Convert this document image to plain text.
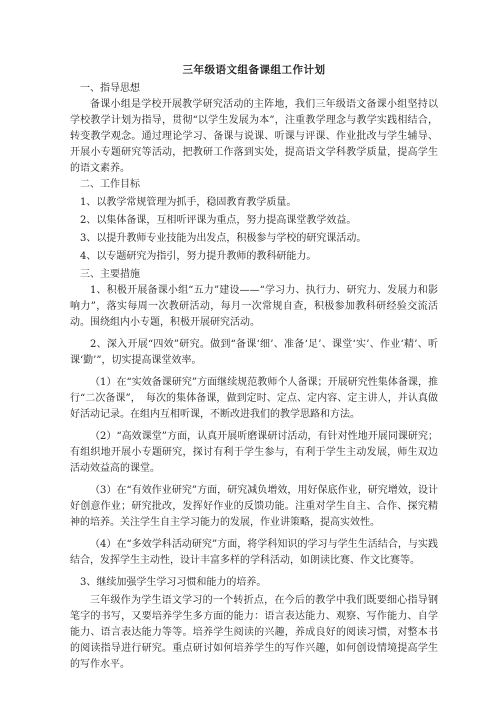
三年级语文组备课组工作计划
一、指导思想

备课小组是学校开展教学研究活动的主阵地，我们三年级语文备课小组坚持以学校教学计划为指导，贯彻“以学生发展为本”，注重教学理念与教学实践相结合，转变教学观念。通过理论学习、备课与说课、听课与评课、作业批改与学生辅导、开展小专题研究等活动，把教研工作落到实处，提高语文学科教学质量，提高学生的语文素养。

二、工作目标
1、以教学常规管理为抓手，稳固教育教学质量。
2、以集体备课，互相听评课为重点，努力提高课堂教学效益。
3、以提升教师专业技能为出发点，积极参与学校的研究课活动。
4、以专题研究为指引，努力提升教师的教科研能力。
三、主要措施

1、积极开展备课小组“五力”建设——“学习力、执行力、研究力、发展力和影响力”，落实每周一次教研活动，每月一次常规自查，积极参加教科研经验交流活动。围绕组内小专题，积极开展研究活动。

2、深入开展“四效”研究。做到“备课‘细’、准备‘足’、课堂‘实’、作业‘精’、听课‘勤’”，切实提高课堂效率。

（1）在“实效备课研究”方面继续规范教师个人备课；开展研究性集体备课，推行“二次备课”，　每次的集体备课，做到定时、定点、定内容、定主讲人，并认真做好活动记录。在组内互相听课，不断改进我们的教学思路和方法。

（2）“高效课堂”方面，认真开展听磨课研讨活动，有针对性地开展同课研究；有组织地开展小专题研究，探讨有利于学生参与，有利于学生主动发展，师生双边活动效益高的课堂。

（3）在“有效作业研究”方面，研究减负增效，用好保底作业，研究增效，设计好创意作业；研究批改，发挥好作业的反馈功能。注重对学生自主、合作、探究精神的培养。关注学生自主学习能力的发展，作业讲策略，提高实效性。

（4）在“多效学科活动研究”方面，将学科知识的学习与学生生活结合，与实践结合，发挥学生主动性，设计丰富多样的学科活动，如朗读比赛、作文比赛等。

3、继续加强学生学习习惯和能力的培养。

三年级作为学生语文学习的一个转折点，在今后的教学中我们既要细心指导钢笔字的书写，又要培养学生多方面的能力：语言表达能力、观察、写作能力、自学能力、语言表达能力等等。培养学生阅读的兴趣，养成良好的阅读习惯，对整本书的阅读指导进行研究。重点研讨如何培养学生的写作兴趣，如何创设情境提高学生的写作水平。
